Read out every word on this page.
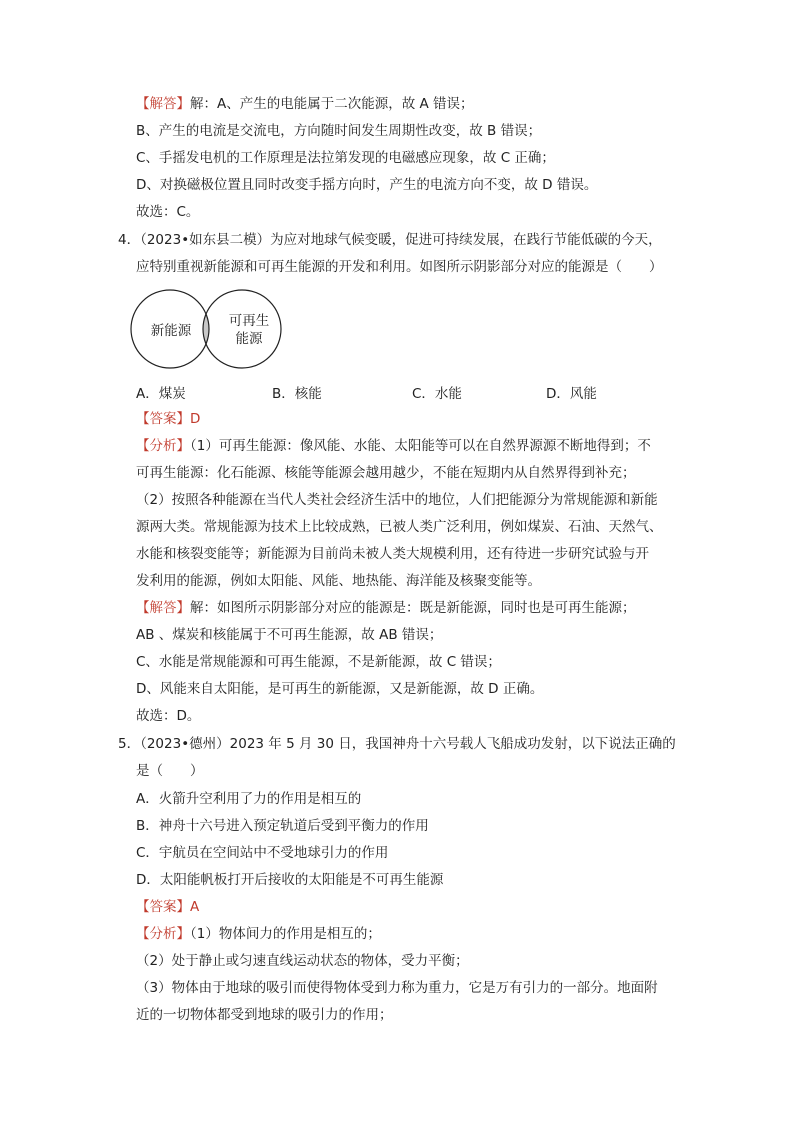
【解答】解：A、产生的电能属于二次能源，故 A 错误；
B、产生的电流是交流电，方向随时间发生周期性改变，故 B 错误；
C、手摇发电机的工作原理是法拉第发现的电磁感应现象，故 C 正确；
D、对换磁极位置且同时改变手摇方向时，产生的电流方向不变，故 D 错误。
故选：C。
4．（2023•如东县二模）为应对地球气候变暖，促进可持续发展，在践行节能低碳的今天，
应特别重视新能源和可再生能源的开发和利用。如图所示阴影部分对应的能源是（　　）
新能源
可再生
能源
A．煤炭	B．核能	C．水能	D．风能
【答案】D
【分析】（1）可再生能源：像风能、水能、太阳能等可以在自然界源源不断地得到；不
可再生能源：化石能源、核能等能源会越用越少，不能在短期内从自然界得到补充；
（2）按照各种能源在当代人类社会经济生活中的地位，人们把能源分为常规能源和新能
源两大类。常规能源为技术上比较成熟，已被人类广泛利用，例如煤炭、石油、天然气、
水能和核裂变能等；新能源为目前尚未被人类大规模利用，还有待进一步研究试验与开
发利用的能源，例如太阳能、风能、地热能、海洋能及核聚变能等。
【解答】解：如图所示阴影部分对应的能源是：既是新能源，同时也是可再生能源；
AB 、煤炭和核能属于不可再生能源，故 AB 错误；
C、水能是常规能源和可再生能源，不是新能源，故 C 错误；
D、风能来自太阳能，是可再生的新能源，又是新能源，故 D 正确。
故选：D。
5．（2023•德州）2023 年 5 月 30 日，我国神舟十六号载人飞船成功发射，以下说法正确的
是（　　）
A．火箭升空利用了力的作用是相互的
B．神舟十六号进入预定轨道后受到平衡力的作用
C．宇航员在空间站中不受地球引力的作用
D．太阳能帆板打开后接收的太阳能是不可再生能源
【答案】A
【分析】（1）物体间力的作用是相互的；
（2）处于静止或匀速直线运动状态的物体，受力平衡；
（3）物体由于地球的吸引而使得物体受到力称为重力，它是万有引力的一部分。地面附
近的一切物体都受到地球的吸引力的作用；
